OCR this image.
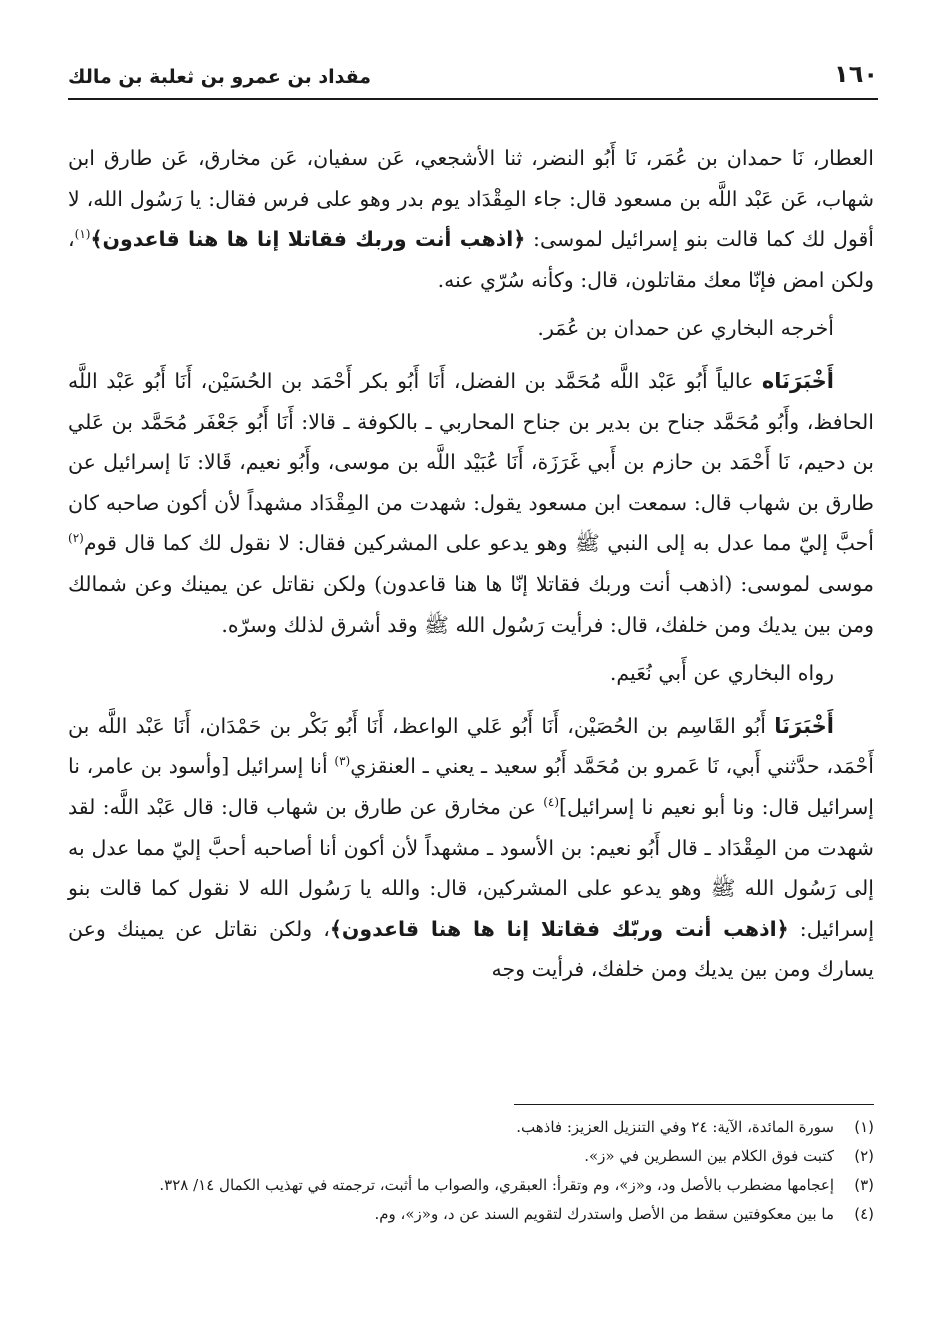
١٦٠
مقداد بن عمرو بن ثعلبة بن مالك

العطار، نَا حمدان بن عُمَر، نَا أَبُو النضر، ثنا الأشجعي، عَن سفيان، عَن مخارق، عَن طارق ابن شهاب، عَن عَبْد اللَّه بن مسعود قال: جاء المِقْدَاد يوم بدر وهو على فرس فقال: يا رَسُول الله، لا أقول لك كما قالت بنو إسرائيل لموسى: ﴿اذهب أنت وربك فقاتلا إنا ها هنا قاعدون﴾$^{(١)}$، ولكن امض فإنّا معك مقاتلون، قال: وكأنه سُرّي عنه.

أخرجه البخاري عن حمدان بن عُمَر.

أَخْبَرَنَاه عالياً أَبُو عَبْد اللَّه مُحَمَّد بن الفضل، أَنَا أَبُو بكر أَحْمَد بن الحُسَيْن، أَنَا أَبُو عَبْد اللَّه الحافظ، وأَبُو مُحَمَّد جناح بن بدير بن جناح المحاربي ـ بالكوفة ـ قالا: أَنَا أَبُو جَعْفَر مُحَمَّد بن عَلي بن دحيم، نَا أَحْمَد بن حازم بن أَبي غَرَزَة، أَنَا عُبَيْد اللَّه بن موسى، وأَبُو نعيم، قَالا: نَا إسرائيل عن طارق بن شهاب قال: سمعت ابن مسعود يقول: شهدت من المِقْدَاد مشهداً لأن أكون صاحبه كان أحبَّ إليّ مما عدل به إلى النبي ﷺ وهو يدعو على المشركين فقال: لا نقول لك كما قال قوم$^{(٢)}$ موسى لموسى: (اذهب أنت وربك فقاتلا إنّا ها هنا قاعدون) ولكن نقاتل عن يمينك وعن شمالك ومن بين يديك ومن خلفك، قال: فرأيت رَسُول الله ﷺ وقد أشرق لذلك وسرّه.

رواه البخاري عن أَبي نُعَيم.

أَخْبَرَنَا أَبُو القَاسِم بن الحُصَيْن، أَنَا أَبُو عَلي الواعظ، أَنَا أَبُو بَكْر بن حَمْدَان، أَنَا عَبْد اللَّه بن أَحْمَد، حدَّثني أَبي، نَا عَمرو بن مُحَمَّد أَبُو سعيد ـ يعني ـ العنقزي$^{(٣)}$ أنا إسرائيل [وأسود بن عامر، نا إسرائيل قال: ونا أبو نعيم نا إسرائيل]$^{(٤)}$ عن مخارق عن طارق بن شهاب قال: قال عَبْد اللَّه: لقد شهدت من المِقْدَاد ـ قال أَبُو نعيم: بن الأسود ـ مشهداً لأن أكون أنا أصاحبه أحبَّ إليّ مما عدل به إلى رَسُول الله ﷺ وهو يدعو على المشركين، قال: والله يا رَسُول الله لا نقول كما قالت بنو إسرائيل: ﴿اذهب أنت وربّك فقاتلا إنا ها هنا قاعدون﴾، ولكن نقاتل عن يمينك وعن يسارك ومن بين يديك ومن خلفك، فرأيت وجه

(١)
سورة المائدة، الآية: ٢٤ وفي التنزيل العزيز: فاذهب.
(٢)
كتبت فوق الكلام بين السطرين في «ز».
(٣)
إعجامها مضطرب بالأصل ود، و«ز»، وم وتقرأ: العبقري، والصواب ما أثبت، ترجمته في تهذيب الكمال ١٤/ ٣٢٨.
(٤)
ما بين معكوفتين سقط من الأصل واستدرك لتقويم السند عن د، و«ز»، وم.
